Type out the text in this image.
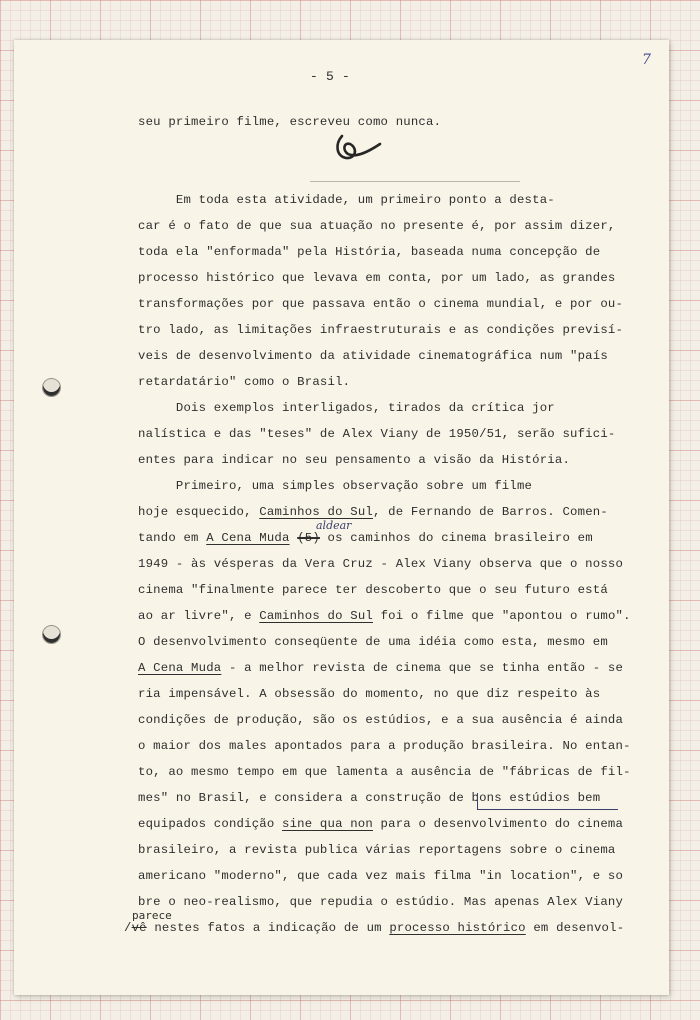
- 5 -

7

seu primeiro filme, escreveu como nunca.

Em toda esta atividade, um primeiro ponto a desta-

car é o fato de que sua atuação no presente é, por assim dizer,

toda ela "enformada" pela História, baseada numa concepção de

processo histórico que levava em conta, por um lado, as grandes

transformações por que passava então o cinema mundial, e por ou-

tro lado, as limitações infraestruturais e as condições previsí-

veis de desenvolvimento da atividade cinematográfica num "país

retardatário" como o Brasil.

Dois exemplos interligados, tirados da crítica jor

nalística e das "teses" de Alex Viany de 1950/51, serão sufici-

entes para indicar no seu pensamento a visão da História.

Primeiro, uma simples observação sobre um filme

hoje esquecido, Caminhos do Sul, de Fernando de Barros. Comen-

aldear

tando em A Cena Muda (5) os caminhos do cinema brasileiro em

1949 - às vésperas da Vera Cruz - Alex Viany observa que o nosso

cinema "finalmente parece ter descoberto que o seu futuro está

ao ar livre", e Caminhos do Sul foi o filme que "apontou o rumo".

O desenvolvimento conseqüente de uma idéia como esta, mesmo em

A Cena Muda - a melhor revista de cinema que se tinha então - se

ria impensável. A obsessão do momento, no que diz respeito às

condições de produção, são os estúdios, e a sua ausência é ainda

o maior dos males apontados para a produção brasileira. No entan-

to, ao mesmo tempo em que lamenta a ausência de "fábricas de fil-

mes" no Brasil, e considera a construção de bons estúdios bem

equipados condição sine qua non para o desenvolvimento do cinema

brasileiro, a revista publica várias reportagens sobre o cinema

americano "moderno", que cada vez mais filma "in location", e so

bre o neo-realismo, que repudia o estúdio. Mas apenas Alex Viany

parece

/vê nestes fatos a indicação de um processo histórico em desenvol-
